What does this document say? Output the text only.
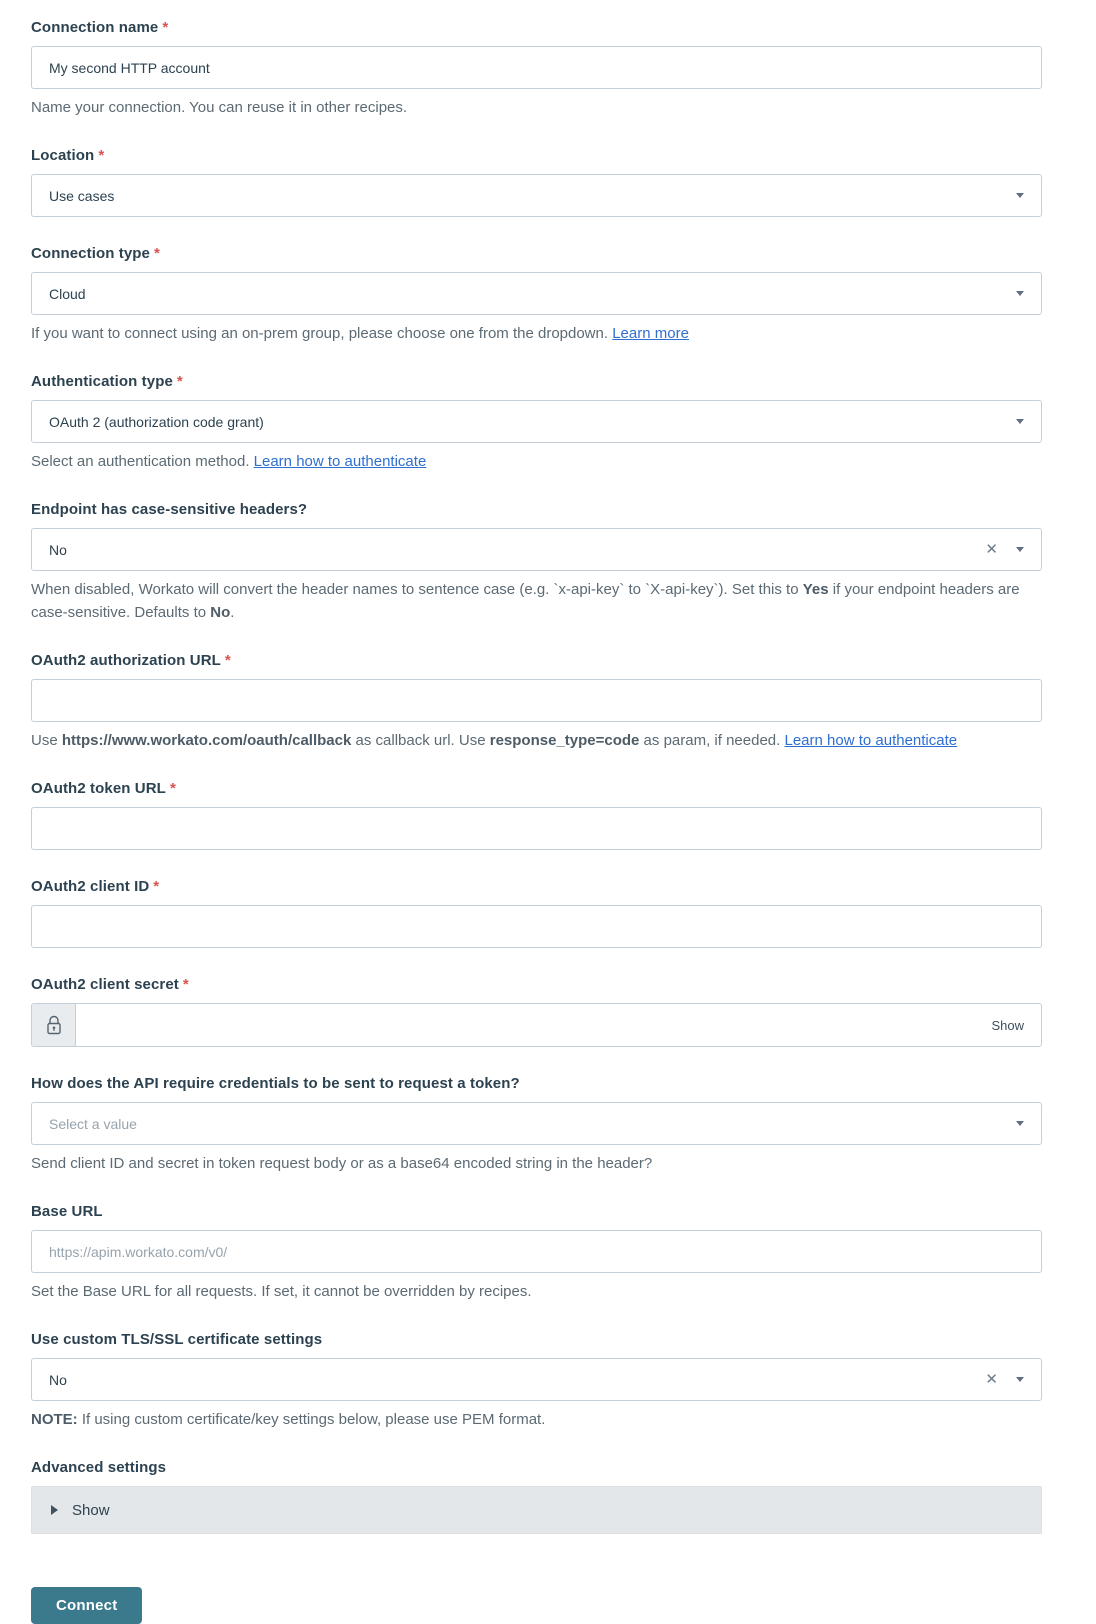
Connection name *
My second HTTP account

Name your connection. You can reuse it in other recipes.

Location *
Use cases
Connection type *
Cloud

If you want to connect using an on-prem group, please choose one from the dropdown. Learn more

Authentication type *
OAuth 2 (authorization code grant)

Select an authentication method. Learn how to authenticate

Endpoint has case-sensitive headers?
No	✕

When disabled, Workato will convert the header names to sentence case (e.g. `x-api-key` to `X-api-key`). Set this to Yes if your endpoint headers are case-sensitive. Defaults to No.

OAuth2 authorization URL *

Use https://www.workato.com/oauth/callback as callback url. Use response_type=code as param, if needed. Learn how to authenticate

OAuth2 token URL *
OAuth2 client ID *
OAuth2 client secret *
Show
How does the API require credentials to be sent to request a token?
Select a value

Send client ID and secret in token request body or as a base64 encoded string in the header?

Base URL
https://apim.workato.com/v0/

Set the Base URL for all requests. If set, it cannot be overridden by recipes.

Use custom TLS/SSL certificate settings
No	✕

NOTE: If using custom certificate/key settings below, please use PEM format.

Advanced settings
Show
Connect
